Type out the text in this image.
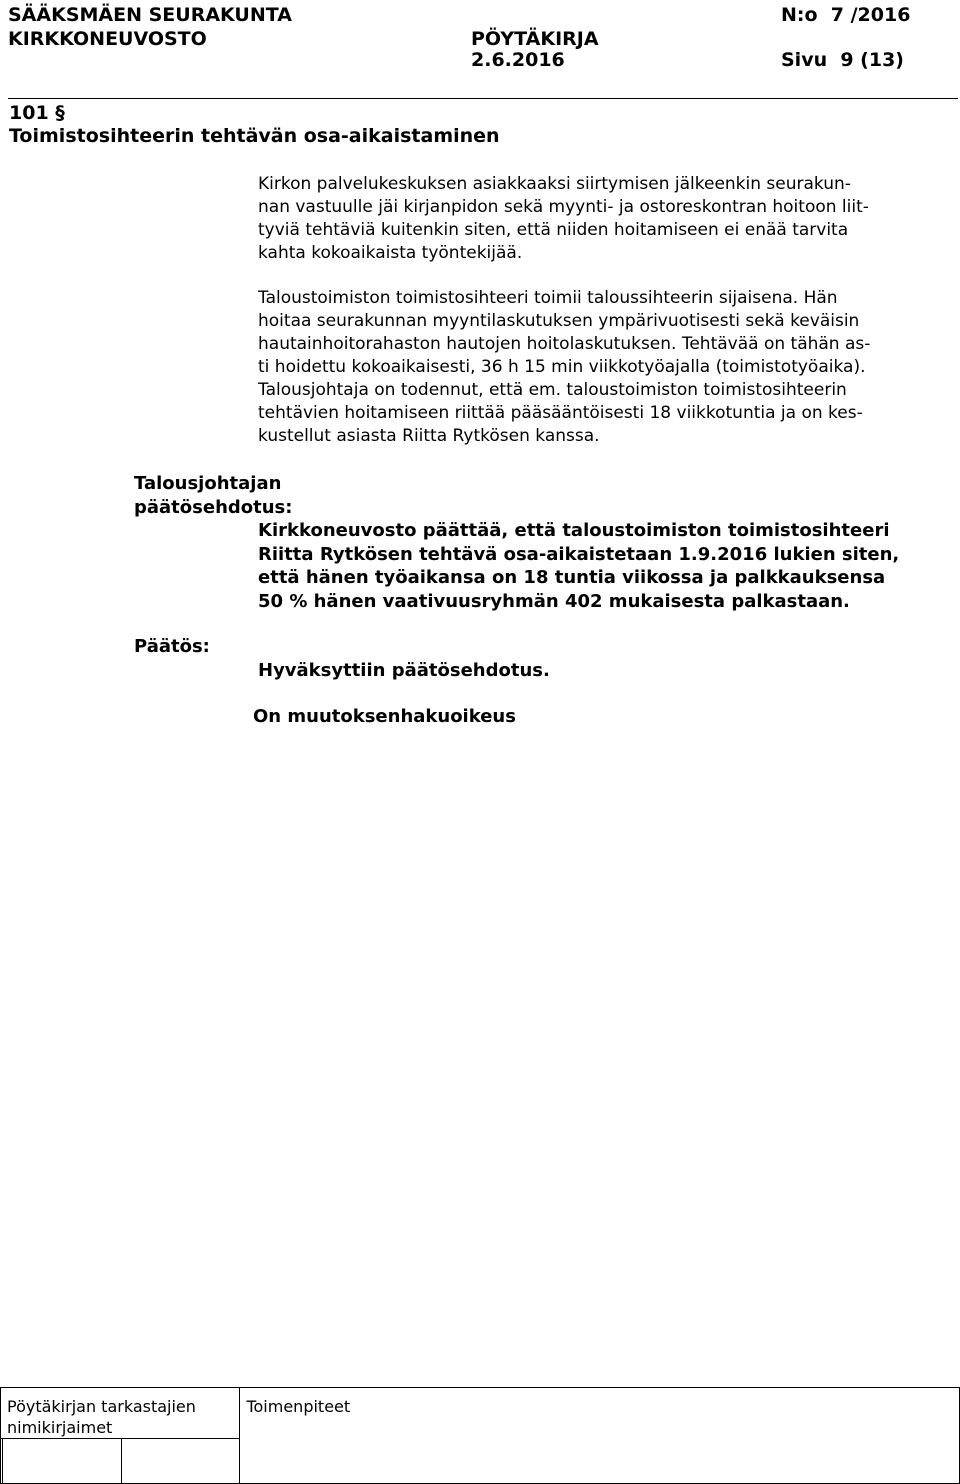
SÄÄKSMÄEN SEURAKUNTA	N:o  7 /2016
KIRKKONEUVOSTO	PÖYTÄKIRJA
2.6.2016	Sivu  9 (13)
101 §
Toimistosihteerin tehtävän osa-aikaistaminen
Kirkon palvelukeskuksen asiakkaaksi siirtymisen jälkeenkin seurakun-
nan vastuulle jäi kirjanpidon sekä myynti- ja ostoreskontran hoitoon liit-
tyviä tehtäviä kuitenkin siten, että niiden hoitamiseen ei enää tarvita
kahta kokoaikaista työntekijää.
Taloustoimiston toimistosihteeri toimii taloussihteerin sijaisena. Hän
hoitaa seurakunnan myyntilaskutuksen ympärivuotisesti sekä keväisin
hautainhoitorahaston hautojen hoitolaskutuksen. Tehtävää on tähän as-
ti hoidettu kokoaikaisesti, 36 h 15 min viikkotyöajalla (toimistotyöaika).
Talousjohtaja on todennut, että em. taloustoimiston toimistosihteerin
tehtävien hoitamiseen riittää pääsääntöisesti 18 viikkotuntia ja on kes-
kustellut asiasta Riitta Rytkösen kanssa.
Talousjohtajan
päätösehdotus:
Kirkkoneuvosto päättää, että taloustoimiston toimistosihteeri
Riitta Rytkösen tehtävä osa-aikaistetaan 1.9.2016 lukien siten,
että hänen työaikansa on 18 tuntia viikossa ja palkkauksensa
50 % hänen vaativuusryhmän 402 mukaisesta palkastaan.
Päätös:
Hyväksyttiin päätösehdotus.
On muutoksenhakuoikeus
Pöytäkirjan tarkastajien
nimikirjaimet			Toimenpiteet
